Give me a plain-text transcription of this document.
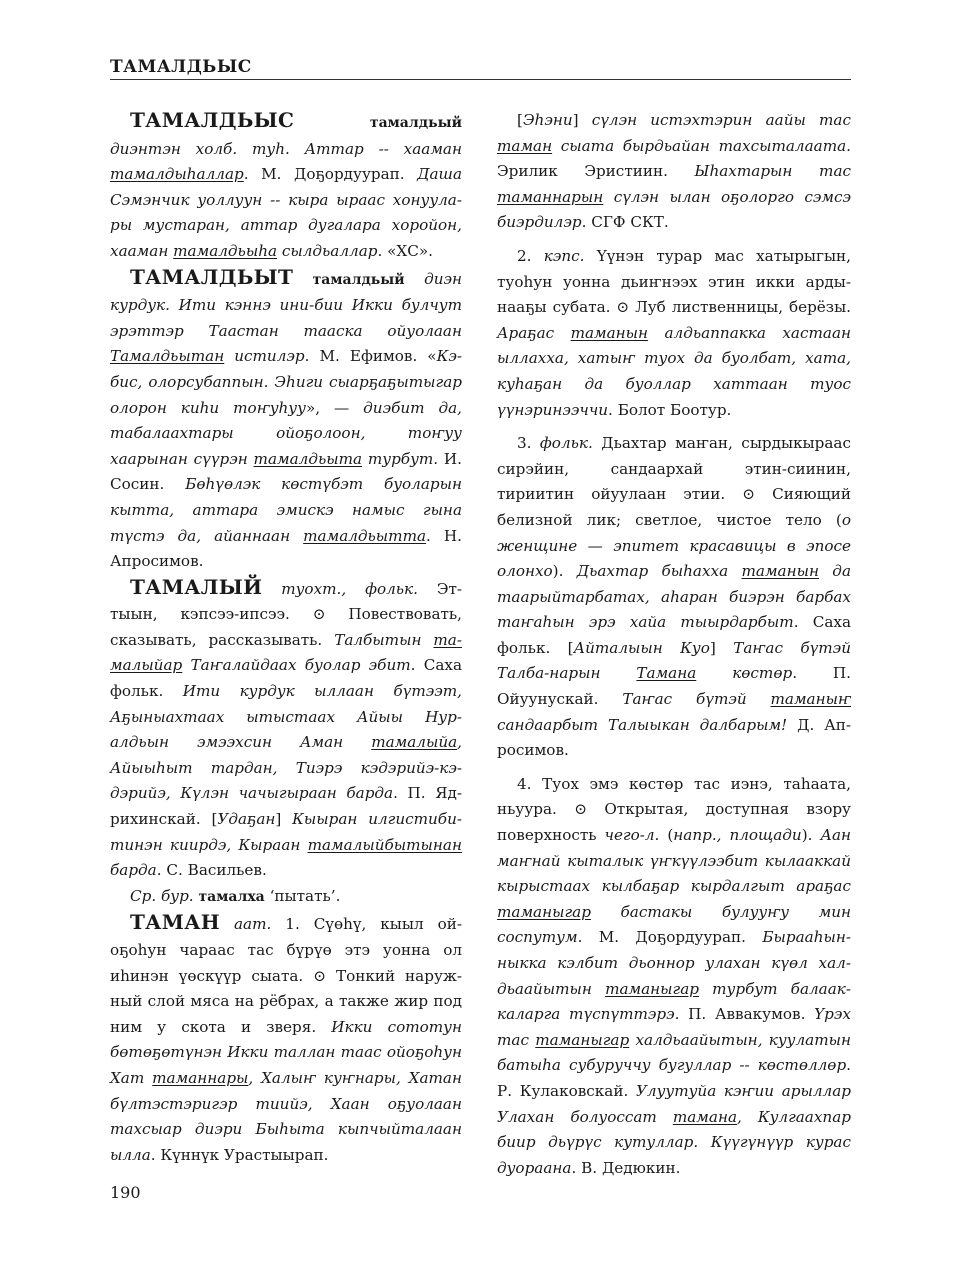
ТАМАЛДЬЫС

ТАМАЛДЬЫС	тамалдьый диэнтэн холб. туһ. Аттар -- хааман тамалдыһаллар. М. Доҕордуурап. Даша Сэмэнчик уоллуун -- кыра ыраас хонуулары мустаран, аттар дугалара хоройон, хааман тамалдьыһа сылдьаллар. «ХС».

ТАМАЛДЬЫТ тамалдьый диэн курдук. Ити кэннэ ини-бии Икки булчут эрэттэр Таастан тааска ойуолаан Тамалдьытан истилэр. М. Ефимов. «Кэбис, олорсубаппын. Эһиги сыарҕаҕытыгар олорон киһи тоҥуһуу», — диэбит да, табалаахтары ойоҕолоон, тоҥуу хаарынан сүүрэн тамалдьыта турбут. И. Сосин. Бөһүөлэк көстүбэт буоларын кытта, аттара эмискэ намыс гына түстэ да, айаннаан тамалдьытта. Н. Апросимов.

ТАМАЛЫЙ туохт., фольк. Эттыын, кэпсээ-ипсээ. ⊙ Повествовать, сказывать, рассказывать. Талбытын тамалыйар Таҥалайдаах буолар эбит. Саха фольк. Ити курдук ыллаан бүтээт, Аҕыныахтаах ытыстаах Айыы Нуралдьын эмээхсин Аман тамалыйа, Айыыһыт тардан, Тиэрэ кэдэрийэ-кэдэрийэ, Күлэн чачыгыраан барда. П. Ядрихинскай. [Удаҕан] Кыыран илгистибитинэн киирдэ, Кыраан тамалыйбытынан барда. С. Васильев.

Ср. бур. тамалха ‘пытать’.

ТАМАН аат. 1. Сүөһү, кыыл ойоҕоһун чараас тас бүрүө этэ уонна ол иһинэн үөскүүр сыата. ⊙ Тонкий наружный слой мяса на рёбрах, а также жир под ним у скота и зверя. Икки сототун бөтөҕөтүнэн Икки таллан таас ойоҕоһун Хат таманнары, Халыҥ куҥнары, Хатан бүлтэстэригэр тиийэ, Хаан оҕуолаан тахсыар диэри Быһыта кыпчыйталаан ылла. Күннүк Урастыырап.

[Эһэни] сүлэн истэхтэрин аайы тас таман сыата бырдьайан тахсыталаата. Эрилик Эристиин. Ыһахтарын тас таманнарын сүлэн ылан оҕолорго сэмсэ биэрдилэр. СГФ СКТ.

2. кэпс. Үүнэн турар мас хатырыгын, туоһун уонна дьиҥнээх этин икки ардынааҕы субата. ⊙ Луб лиственницы, берёзы. Араҕас таманын алдьаппакка хастаан ыллахха, хатыҥ туох да буолбат, хата, куһаҕан да буоллар хаттаан туос үүнэринээччи. Болот Боотур.

3. фольк. Дьахтар маҥан, сырдыкыраас сирэйин, сандаархай этин-сиинин, тириитин ойуулаан этии. ⊙ Сияющий белизной лик; светлое, чистое тело (о женщине — эпитет красавицы в эпосе олонхо). Дьахтар быһахха таманын да таарыйтарбатах, аһаран биэрэн барбах таҥаһын эрэ хайа тыырдарбыт. Саха фольк. [Айталыын Куо] Таҥас бүтэй Талба-нарын Тамана көстөр. П. Ойуунускай. Таҥас бүтэй таманыҥ сандаарбыт Талыыкан далбарым! Д. Апросимов.

4. Туох эмэ көстөр тас иэнэ, таһаата, ньуура. ⊙ Открытая, доступная взору поверхность чего-л. (напр., площади). Аан маҥнай кыталык үҥкүүлээбит кылааккай кырыстаах кылбаҕар кырдалгыт араҕас таманыгар бастакы булууҥу мин соспутум. М. Доҕордуурап. Бырааһынныкка кэлбит дьоннор улахан күөл халдьаайытын таманыгар турбут балааккаларга түспүттэрэ. П. Аввакумов. Үрэх тас таманыгар халдьаайытын, куулатын батыһа субуруччу бугуллар -- көстөллөр. Р. Кулаковскай. Улуутуйа кэҥии арыллар Улахан болуоссат тамана, Кулгаахпар биир дьүрүс кутуллар. Күүгүнүүр курас дуораана. В. Дедюкин.

190
